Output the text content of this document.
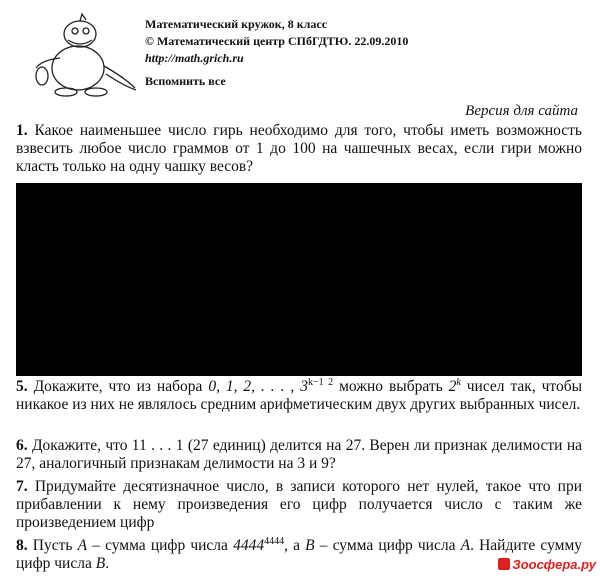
Математический кружок, 8 класс
© Математический центр СПбГДТЮ. 22.09.2010
http://math.grich.ru
Вспомнить все
Версия для сайта
1. Какое наименьшее число гирь необходимо для того, чтобы иметь возможность взвесить любое число граммов от 1 до 100 на чашечных весах, если гири можно класть только на одну чашку весов?
5. Докажите, что из набора 0, 1, 2, . . . , $3^{k-1 2}$ можно выбрать 2$^k$ чисел так, чтобы никакое из них не являлось средним арифметическим двух других выбранных чисел.
6. Докажите, что 11 . . . 1 (27 единиц) делится на 27. Верен ли признак делимости на 27, аналогичный признакам делимости на 3 и 9?
7. Придумайте десятизначное число, в записи которого нет нулей, такое что при прибавлении к нему произведения его цифр получается число с таким же произведением цифр
8. Пусть A – сумма цифр числа $4444^{4444}$, а B – сумма цифр числа A. Найдите сумму цифр числа B.	Зоосфера.ру
